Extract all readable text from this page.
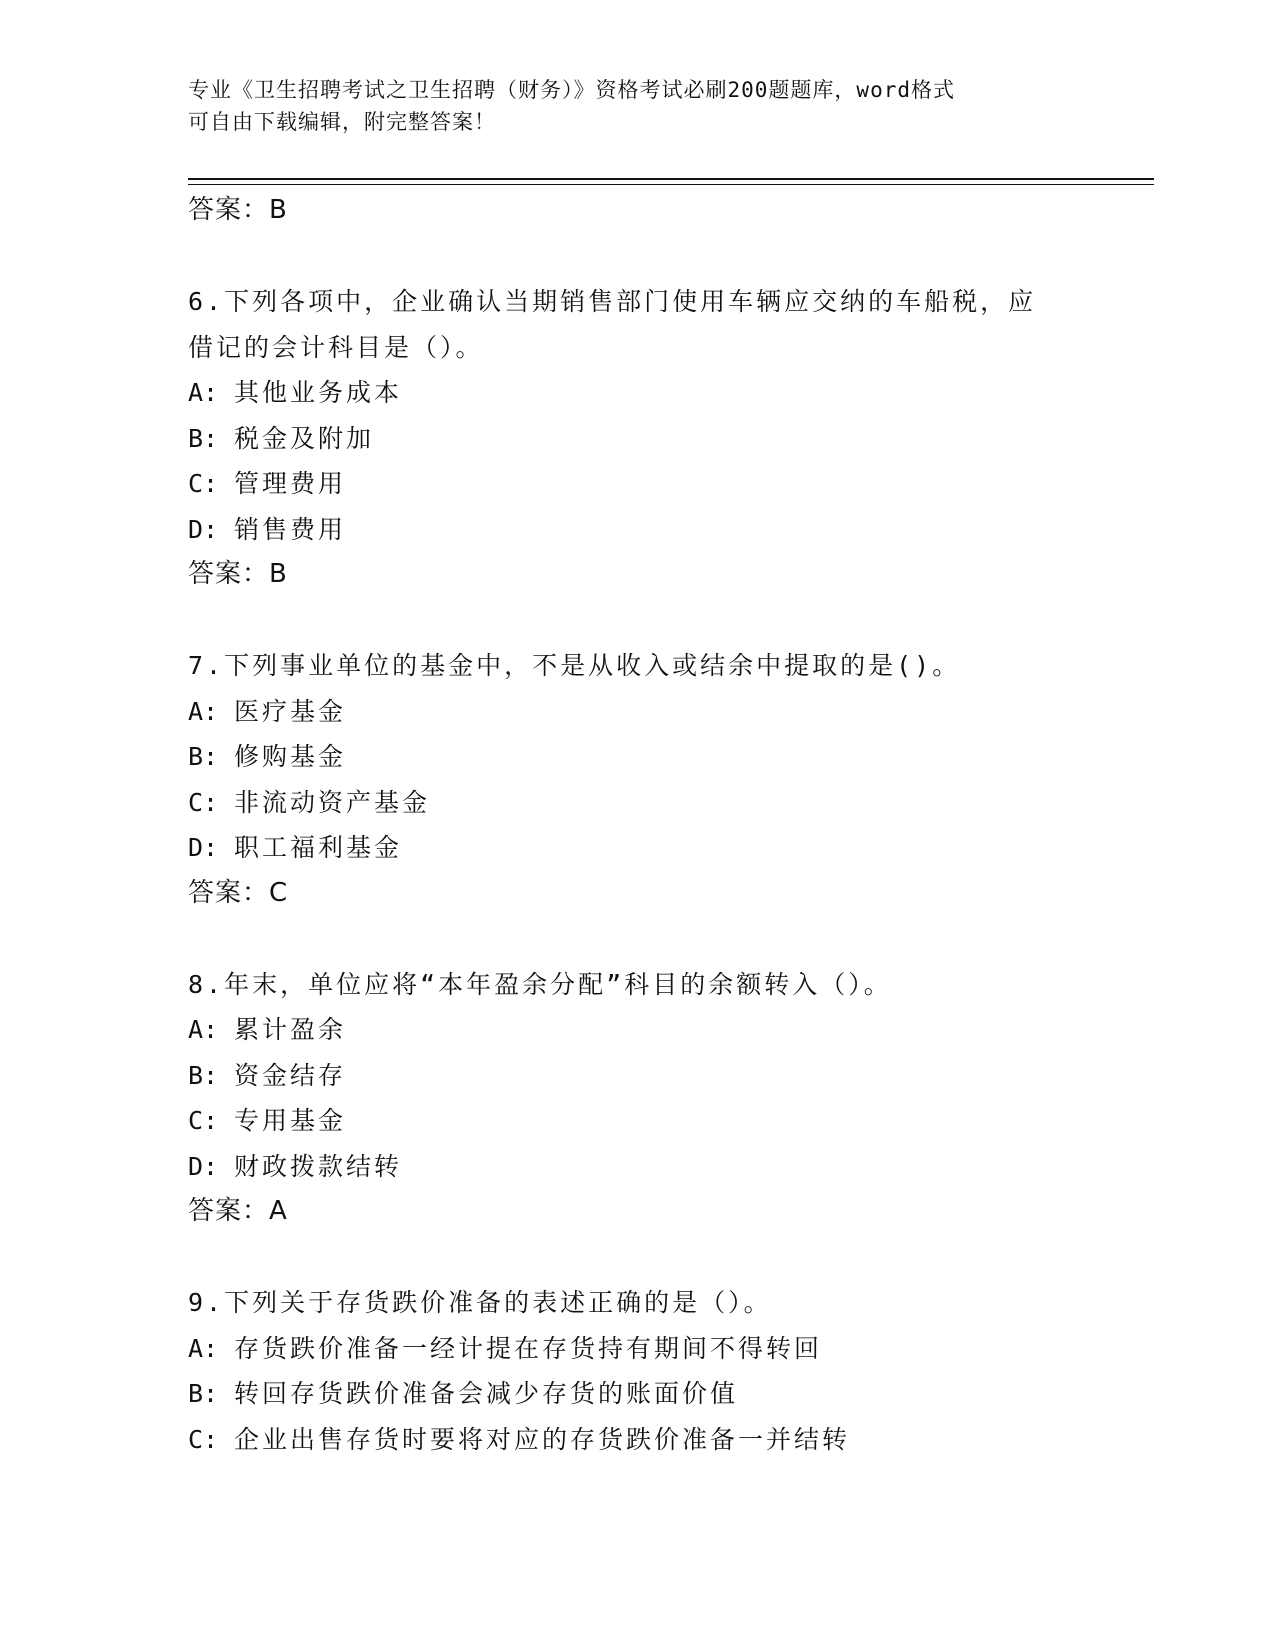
专业《卫生招聘考试之卫生招聘（财务）》资格考试必刷200题题库，word格式
可自由下载编辑，附完整答案！
答案：B
6.下列各项中，企业确认当期销售部门使用车辆应交纳的车船税，应
借记的会计科目是（）。
A: 其他业务成本
B: 税金及附加
C: 管理费用
D: 销售费用
答案：B
7.下列事业单位的基金中，不是从收入或结余中提取的是()。
A: 医疗基金
B: 修购基金
C: 非流动资产基金
D: 职工福利基金
答案：C
8.年末，单位应将“本年盈余分配”科目的余额转入（）。
A: 累计盈余
B: 资金结存
C: 专用基金
D: 财政拨款结转
答案：A
9.下列关于存货跌价准备的表述正确的是（）。
A: 存货跌价准备一经计提在存货持有期间不得转回
B: 转回存货跌价准备会减少存货的账面价值
C: 企业出售存货时要将对应的存货跌价准备一并结转
